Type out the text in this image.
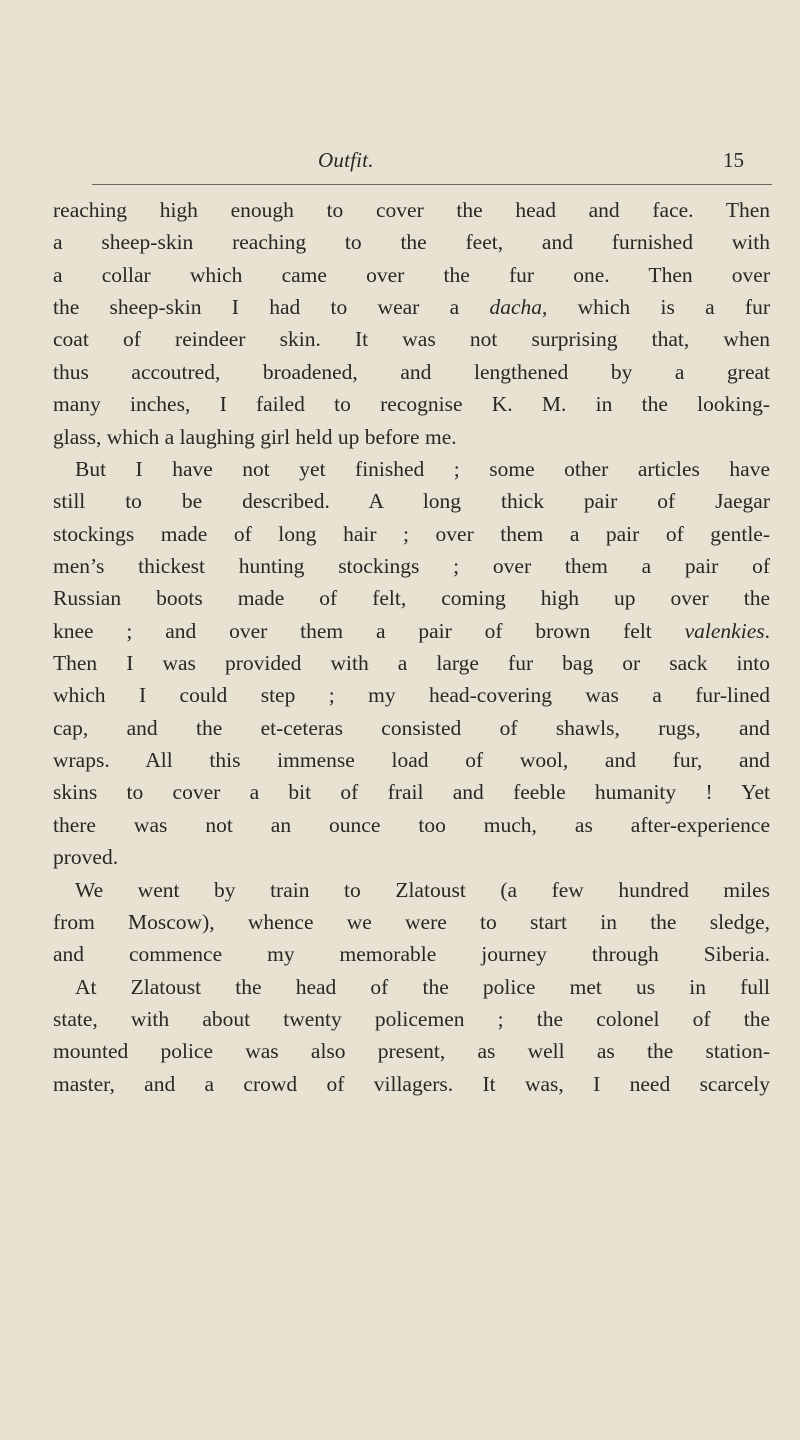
Outfit.	15
reaching high enough to cover the head and face. Then
a sheep-skin reaching to the feet, and furnished with
a collar which came over the fur one. Then over
the sheep-skin I had to wear a dacha, which is a fur
coat of reindeer skin. It was not surprising that, when
thus accoutred, broadened, and lengthened by a great
many inches, I failed to recognise K. M. in the looking-
glass, which a laughing girl held up before me.
But I have not yet finished ; some other articles have
still to be described. A long thick pair of Jaegar
stockings made of long hair ; over them a pair of gentle-
men’s thickest hunting stockings ; over them a pair of
Russian boots made of felt, coming high up over the
knee ; and over them a pair of brown felt valenkies.
Then I was provided with a large fur bag or sack into
which I could step ; my head-covering was a fur-lined
cap, and the et-ceteras consisted of shawls, rugs, and
wraps. All this immense load of wool, and fur, and
skins to cover a bit of frail and feeble humanity ! Yet
there was not an ounce too much, as after-experience
proved.
We went by train to Zlatoust (a few hundred miles
from Moscow), whence we were to start in the sledge,
and commence my memorable journey through Siberia.
At Zlatoust the head of the police met us in full
state, with about twenty policemen ; the colonel of the
mounted police was also present, as well as the station-
master, and a crowd of villagers. It was, I need scarcely
